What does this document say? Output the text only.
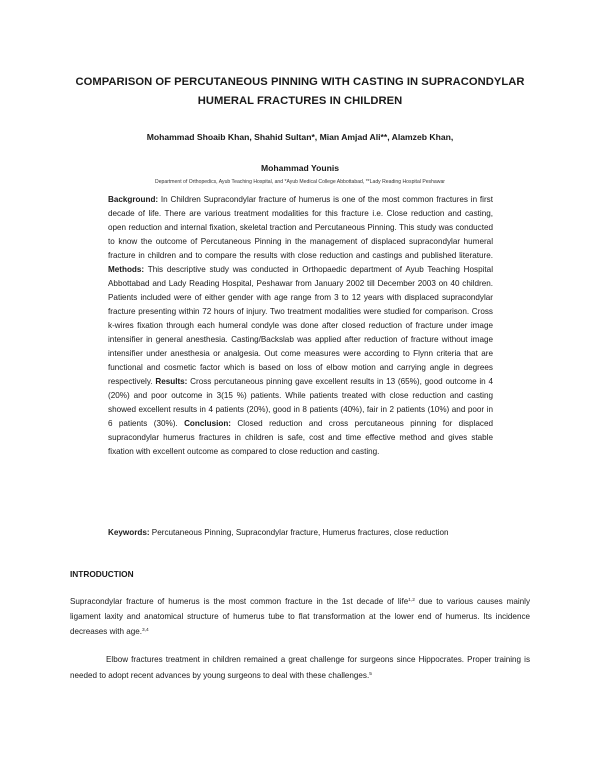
COMPARISON OF PERCUTANEOUS PINNING WITH CASTING IN SUPRACONDYLAR HUMERAL FRACTURES IN CHILDREN
Mohammad Shoaib Khan, Shahid Sultan*, Mian Amjad Ali**, Alamzeb Khan,
Mohammad Younis
Department of Orthopedics, Ayub Teaching Hospital, and *Ayub Medical College Abbottabad, **Lady Reading Hospital Peshawar

Background: In Children Supracondylar fracture of humerus is one of the most common fractures in first decade of life. There are various treatment modalities for this fracture i.e. Close reduction and casting, open reduction and internal fixation, skeletal traction and Percutaneous Pinning. This study was conducted to know the outcome of Percutaneous Pinning in the management of displaced supracondylar humeral fracture in children and to compare the results with close reduction and castings and published literature. Methods: This descriptive study was conducted in Orthopaedic department of Ayub Teaching Hospital Abbottabad and Lady Reading Hospital, Peshawar from January 2002 till December 2003 on 40 children. Patients included were of either gender with age range from 3 to 12 years with displaced supracondylar fracture presenting within 72 hours of injury. Two treatment modalities were studied for comparison. Cross k-wires fixation through each humeral condyle was done after closed reduction of fracture under image intensifier in general anesthesia. Casting/Backslab was applied after reduction of fracture without image intensifier under anesthesia or analgesia. Out come measures were according to Flynn criteria that are functional and cosmetic factor which is based on loss of elbow motion and carrying angle in degrees respectively. Results: Cross percutaneous pinning gave excellent results in 13 (65%), good outcome in 4 (20%) and poor outcome in 3(15 %) patients. While patients treated with close reduction and casting showed excellent results in 4 patients (20%), good in 8 patients (40%), fair in 2 patients (10%) and poor in 6 patients (30%). Conclusion: Closed reduction and cross percutaneous pinning for displaced supracondylar humerus fractures in children is safe, cost and time effective method and gives stable fixation with excellent outcome as compared to close reduction and casting.

Keywords: Percutaneous Pinning, Supracondylar fracture, Humerus fractures, close reduction

INTRODUCTION

Supracondylar fracture of humerus is the most common fracture in the 1st decade of life$^{1,2}$ due to various causes mainly ligament laxity and anatomical structure of humerus tube to flat transformation at the lower end of humerus. Its incidence decreases with age.$^{3,4}$

Elbow fractures treatment in children remained a great challenge for surgeons since Hippocrates. Proper training is needed to adopt recent advances by young surgeons to deal with these challenges.$^5$
